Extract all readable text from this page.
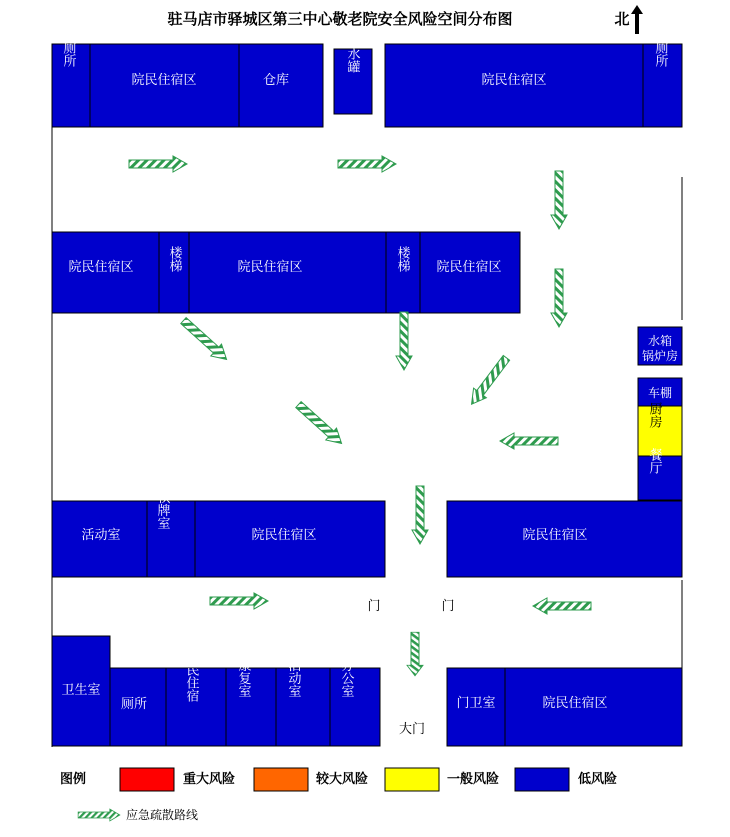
驻马店市驿城区第三中心敬老院安全风险空间分布图	北
厕所
院民住宿区	仓库
水罐
院民住宿区
厕所
院民住宿区	楼梯	院民住宿区	楼梯 院民住宿区
水箱
锅炉房
车棚
厨房
餐厅
活动室
棋牌室
院民住宿区	院民住宿区
卫生室
厕所
院民住宿	康复室	活动室	办公室
门卫室	院民住宿区
门	门
大门
图例	重大风险	较大风险	一般风险	低风险
应急疏散路线
